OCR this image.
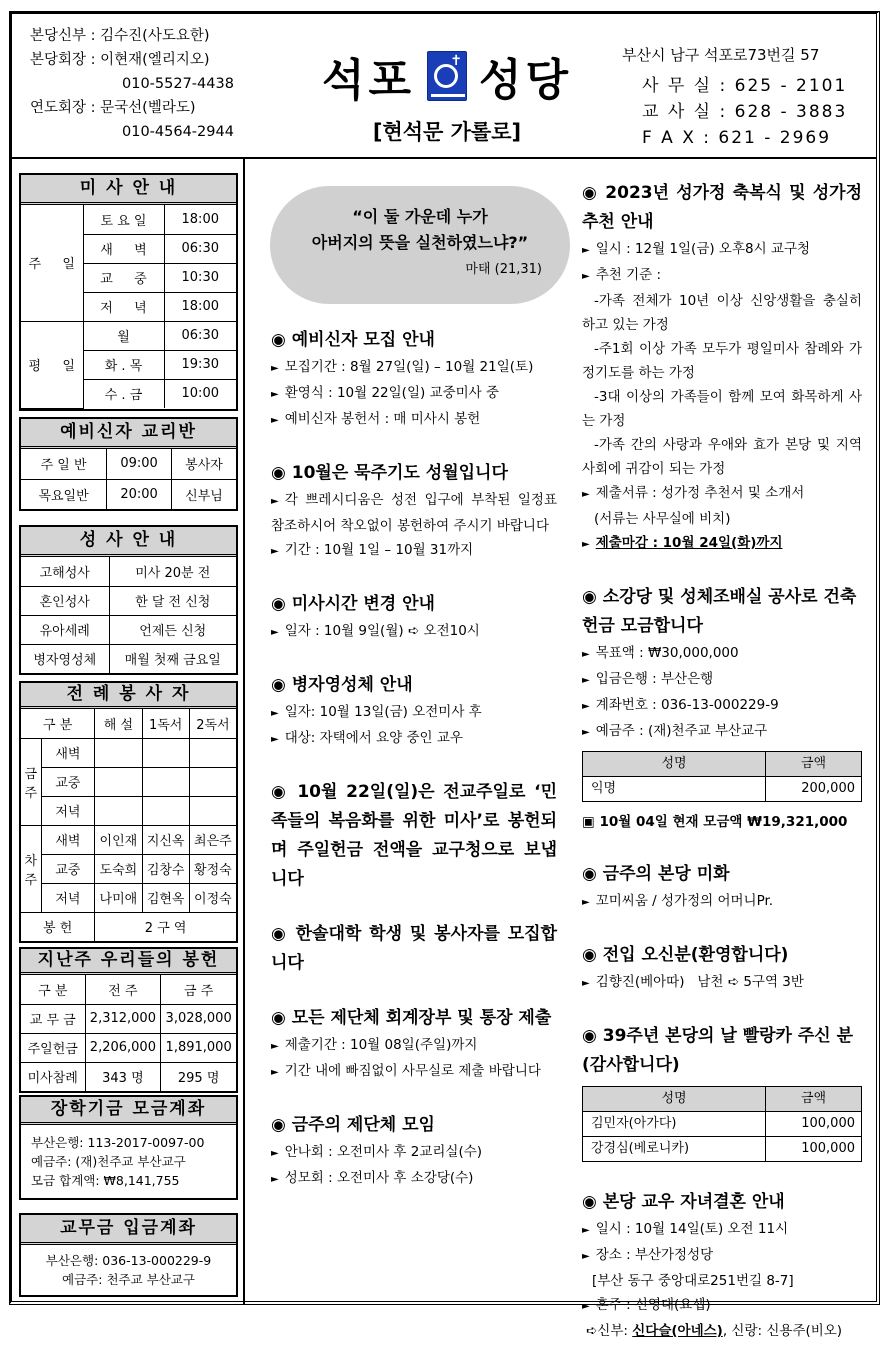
본당신부 : 김수진(사도요한)
본당회장 : 이현재(엘리지오)
010-5527-4438
연도회장 : 문국선(벨라도)
010-4564-2944
석포	✝ 성당
[현석문 가롤로]
부산시 남구 석포로73번길 57
사 무 실 : 625 - 2101
교 사 실 : 628 - 3883
F A X : 621 - 2969
미 사 안 내
주 　 일	토 요 일	18:00
	새 　 벽	06:30
	교 　 중	10:30
	저 　 녁	18:00
평 　 일	월	06:30
	화 . 목	19:30
	수 . 금	10:00
예비신자 교리반
주 일 반	09:00	봉사자
목요일반	20:00	신부님
성 사 안 내
고해성사	미사 20분 전
혼인성사	한 달 전 신청
유아세례	언제든 신청
병자영성체	매월 첫째 금요일
전 례 봉 사 자
구 분		해 설	1독서	2독서
금주	새벽			
	교중			
	저녁			
차주	새벽	이인재	지신옥	최은주
	교중	도숙희	김창수	황정숙
	저녁	나미애	김현옥	이정숙
봉 헌		2 구 역		
지난주 우리들의 봉헌
구 분	전 주	금 주
교 무 금	2,312,000	3,028,000
주일헌금	2,206,000	1,891,000
미사참례	343 명	295 명
장학기금 모금계좌
부산은행: 113-2017-0097-00
예금주: (재)천주교 부산교구
모금 합계액: ₩8,141,755
교무금 입금계좌
부산은행: 036-13-000229-9
예금주: 천주교 부산교구
“이 둘 가운데 누가
아버지의 뜻을 실천하였느냐?”
마태 (21,31)
◉ 예비신자 모집 안내
► 모집기간 : 8월 27일(일) – 10월 21일(토)
► 환영식 : 10월 22일(일) 교중미사 중
► 예비신자 봉헌서 : 매 미사시 봉헌
◉ 10월은 묵주기도 성월입니다
► 각 쁘레시디움은 성전 입구에 부착된 일정표 참조하시어 착오없이 봉헌하여 주시기 바랍니다
► 기간 : 10월 1일 – 10월 31까지
◉ 미사시간 변경 안내
► 일자 : 10월 9일(월) ➪ 오전10시
◉ 병자영성체 안내
► 일자: 10월 13일(금) 오전미사 후
► 대상: 자택에서 요양 중인 교우
◉ 10월 22일(일)은 전교주일로 ‘민족들의 복음화를 위한 미사’로 봉헌되며 주일헌금 전액을 교구청으로 보냅니다
◉ 한솔대학 학생 및 봉사자를 모집합니다
◉ 모든 제단체 회계장부 및 통장 제출
► 제출기간 : 10월 08일(주일)까지
► 기간 내에 빠짐없이 사무실로 제출 바랍니다
◉ 금주의 제단체 모임
► 안나회 : 오전미사 후 2교리실(수)
► 성모회 : 오전미사 후 소강당(수)
◉ 2023년 성가정 축복식 및 성가정 추천 안내
► 일시 : 12월 1일(금) 오후8시 교구청
► 추천 기준 :
-가족 전체가 10년 이상 신앙생활을 충실히 하고 있는 가정
-주1회 이상 가족 모두가 평일미사 참례와 가정기도를 하는 가정
-3대 이상의 가족들이 함께 모여 화목하게 사는 가정
-가족 간의 사랑과 우애와 효가 본당 및 지역사회에 귀감이 되는 가정
► 제출서류 : 성가정 추천서 및 소개서
(서류는 사무실에 비치)
► 제출마감 : 10월 24일(화)까지
◉ 소강당 및 성체조배실 공사로 건축헌금 모금합니다
► 목표액 : ₩30,000,000
► 입금은행 : 부산은행
► 계좌번호 : 036-13-000229-9
► 예금주 : (재)천주교 부산교구
성명	금액
익명	200,000
▣ 10월 04일 현재 모금액 ₩19,321,000
◉ 금주의 본당 미화
► 꼬미씨움 / 성가정의 어머니Pr.
◉ 전입 오신분(환영합니다)
► 김향진(베아따)   남천 ➪ 5구역 3반
◉ 39주년 본당의 날 빨랑카 주신 분(감사합니다)
성명	금액
김민자(아가다)	100,000
강경심(베로니카)	100,000
◉ 본당 교우 자녀결혼 안내
► 일시 : 10월 14일(토) 오전 11시
► 장소 : 부산가정성당
[부산 동구 중앙대로251번길 8-7]
► 혼주 : 신영대(요셉)
➪신부: 신다슬(아네스), 신랑: 신용주(비오)
